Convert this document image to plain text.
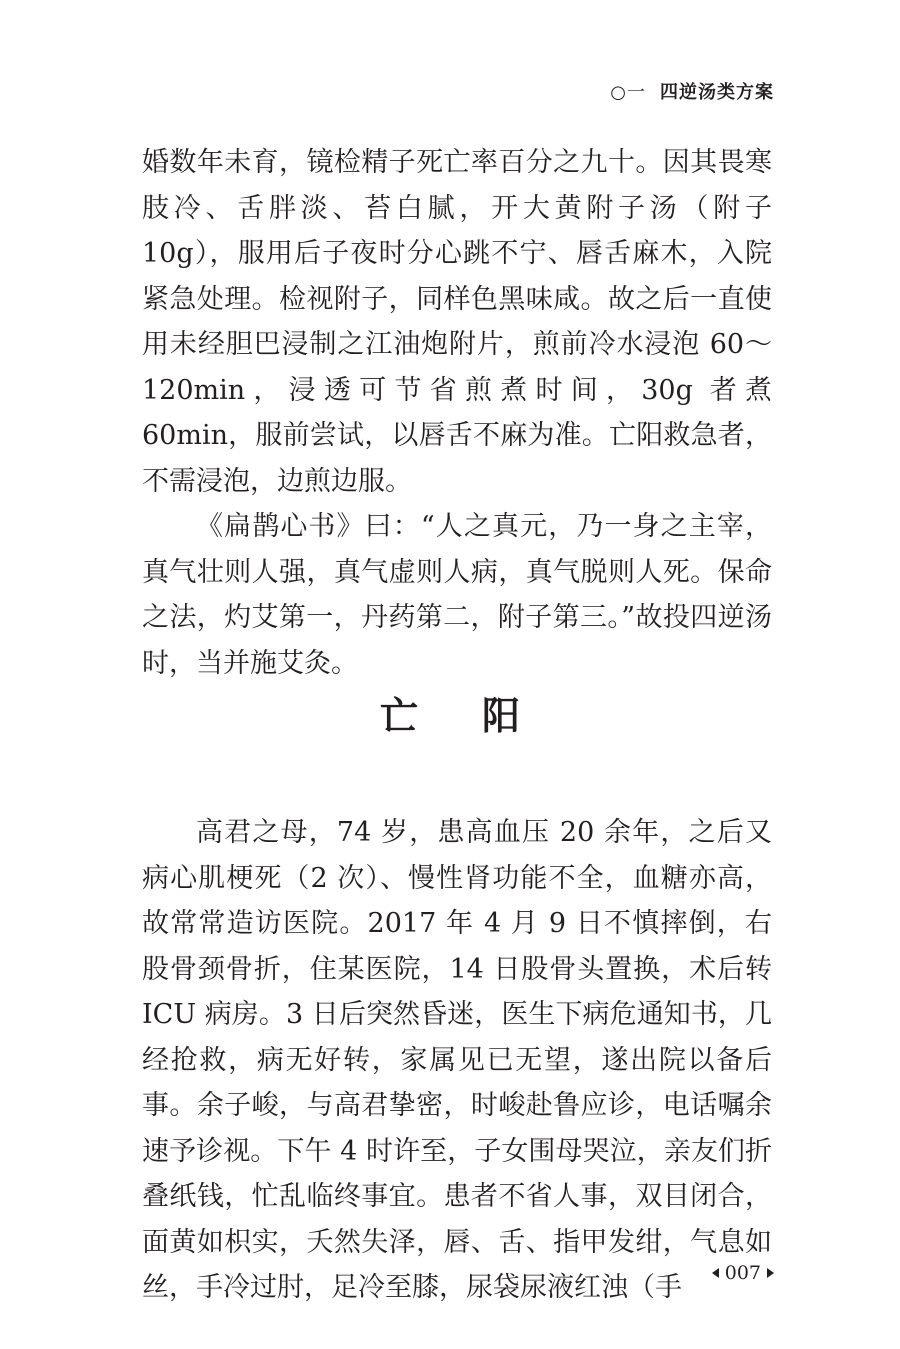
○一 四逆汤类方案

婚数年未育，镜检精子死亡率百分之九十。因其畏寒肢冷、舌胖淡、苔白腻，开大黄附子汤（附子 10g），服用后子夜时分心跳不宁、唇舌麻木，入院紧急处理。检视附子，同样色黑味咸。故之后一直使用未经胆巴浸制之江油炮附片，煎前冷水浸泡 60～120min，浸透可节省煎煮时间，30g 者煮 60min，服前尝试，以唇舌不麻为准。亡阳救急者，不需浸泡，边煎边服。

《扁鹊心书》曰：“人之真元，乃一身之主宰，真气壮则人强，真气虚则人病，真气脱则人死。保命之法，灼艾第一，丹药第二，附子第三。”故投四逆汤时，当并施艾灸。

亡阳

高君之母，74 岁，患高血压 20 余年，之后又病心肌梗死（2 次）、慢性肾功能不全，血糖亦高，故常常造访医院。2017 年 4 月 9 日不慎摔倒，右股骨颈骨折，住某医院，14 日股骨头置换，术后转 ICU 病房。3 日后突然昏迷，医生下病危通知书，几经抢救，病无好转，家属见已无望，遂出院以备后事。余子峻，与高君挚密，时峻赴鲁应诊，电话嘱余速予诊视。下午 4 时许至，子女围母哭泣，亲友们折叠纸钱，忙乱临终事宜。患者不省人事，双目闭合，面黄如枳实，夭然失泽，唇、舌、指甲发绀，气息如丝，手冷过肘，足冷至膝，尿袋尿液红浊（手	007
